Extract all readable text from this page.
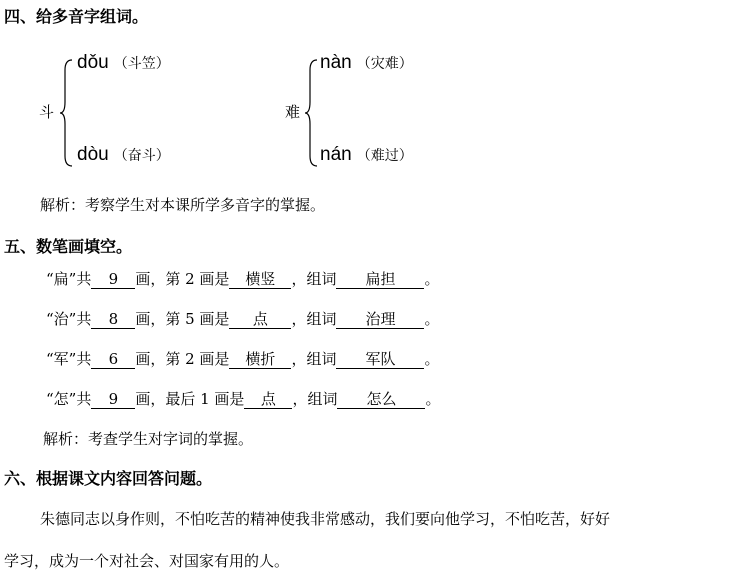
四、给多音字组词。
斗
dǒu （斗笠）
dòu （奋斗）
难
nàn （灾难）
nán （难过）
解析：考察学生对本课所学多音字的掌握。
五、数笔画填空。
“扁”共 9 画，第 2 画是 横竖 ，组词 扁担 。
“治”共 8 画，第 5 画是 点 ，组词 治理 。
“军”共 6 画，第 2 画是 横折 ，组词 军队 。
“怎”共 9 画，最后 1 画是 点 ，组词 怎么 。
解析：考查学生对字词的掌握。
六、根据课文内容回答问题。
朱德同志以身作则，不怕吃苦的精神使我非常感动，我们要向他学习，不怕吃苦，好好
学习，成为一个对社会、对国家有用的人。
